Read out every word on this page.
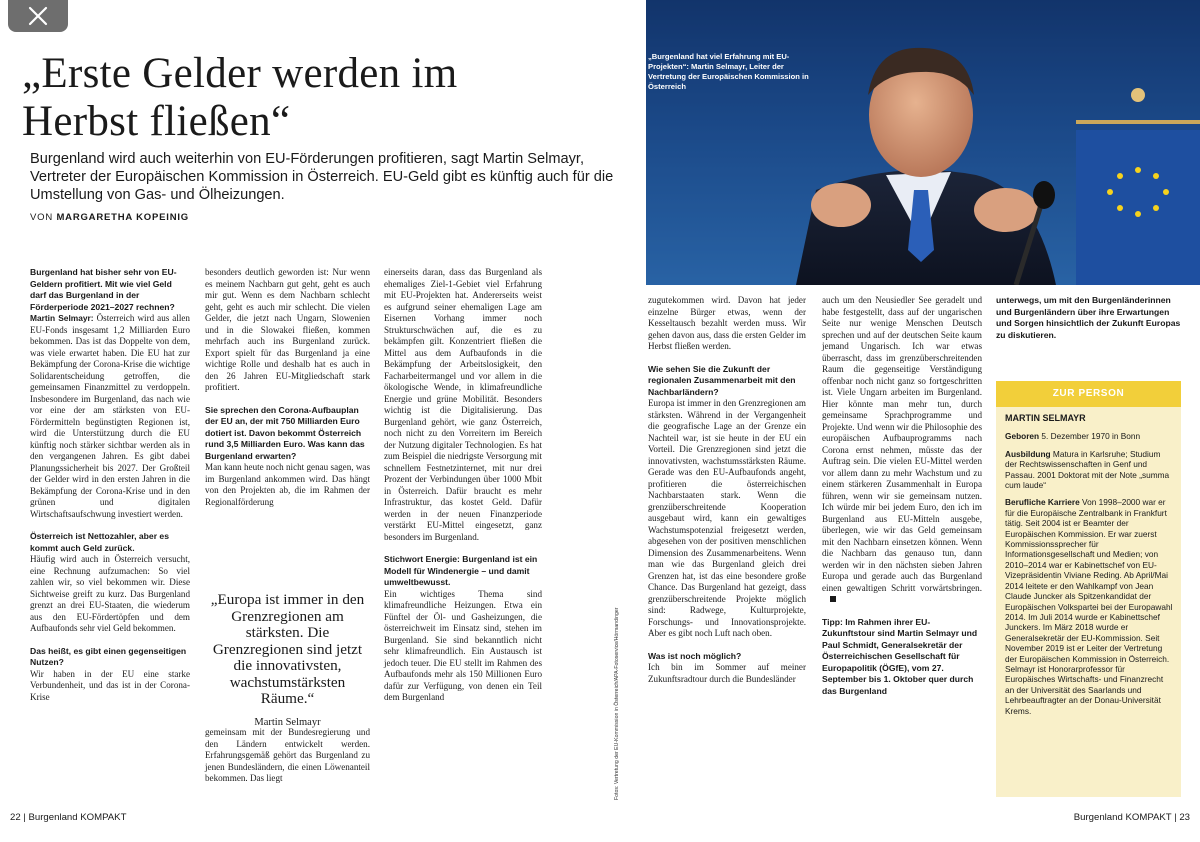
„Erste Gelder werden im Herbst fließen“

Burgenland wird auch weiterhin von EU-Förderungen profitieren, sagt Martin Selmayr, Vertreter der Europäischen Kommission in Österreich. EU-Geld gibt es künftig auch für die Umstellung von Gas- und Ölheizungen.

VON MARGARETHA KOPEINIG
„Burgenland hat viel Erfahrung mit EU-Projekten“: Martin Selmayr, Leiter der Vertretung der Europäischen Kommission in Österreich

Burgenland hat bisher sehr von EU-Geldern profitiert. Mit wie viel Geld darf das Burgenland in der Förderperiode 2021–2027 rechnen?

Martin Selmayr: Österreich wird aus allen EU-Fonds insgesamt 1,2 Milliarden Euro bekommen. Das ist das Doppelte von dem, was viele erwartet haben. Die EU hat zur Bekämpfung der Corona-Krise die wichtige Solidarentscheidung getroffen, die gemeinsamen Finanzmittel zu verdoppeln. Insbesondere im Burgenland, das nach wie vor eine der am stärksten von EU-Fördermitteln begünstigten Regionen ist, wird die Unterstützung durch die EU künftig noch stärker sichtbar werden als in den vergangenen Jahren. Es gibt dabei Planungssicherheit bis 2027. Der Großteil der Gelder wird in den ersten Jahren in die Bekämpfung der Corona-Krise und in den grünen und digitalen Wirtschaftsaufschwung investiert werden.

Österreich ist Nettozahler, aber es kommt auch Geld zurück.

Häufig wird auch in Österreich versucht, eine Rechnung aufzumachen: So viel zahlen wir, so viel bekommen wir. Diese Sichtweise greift zu kurz. Das Burgenland grenzt an drei EU-Staaten, die wiederum aus den EU-Fördertöpfen und dem Aufbaufonds sehr viel Geld bekommen.

Das heißt, es gibt einen gegenseitigen Nutzen?

Wir haben in der EU eine starke Verbundenheit, und das ist in der Corona-Krise

besonders deutlich geworden ist: Nur wenn es meinem Nachbarn gut geht, geht es auch mir gut. Wenn es dem Nachbarn schlecht geht, geht es auch mir schlecht. Die vielen Gelder, die jetzt nach Ungarn, Slowenien und in die Slowakei fließen, kommen mehrfach auch ins Burgenland zurück. Export spielt für das Burgenland ja eine wichtige Rolle und deshalb hat es auch in den 26 Jahren EU-Mitgliedschaft stark profitiert.

Sie sprechen den Corona-Aufbauplan der EU an, der mit 750 Milliarden Euro dotiert ist. Davon bekommt Österreich rund 3,5 Milliarden Euro. Was kann das Burgenland erwarten?

Man kann heute noch nicht genau sagen, was im Burgenland ankommen wird. Das hängt von den Projekten ab, die im Rahmen der Regionalförderung

„Europa ist immer in den Grenzregionen am stärksten. Die Grenzregionen sind jetzt die innovativsten, wachstumstärksten Räume.“
Martin Selmayr

gemeinsam mit der Bundesregierung und den Ländern entwickelt werden. Erfahrungsgemäß gehört das Burgenland zu jenen Bundesländern, die einen Löwenanteil bekommen. Das liegt

einerseits daran, dass das Burgenland als ehemaliges Ziel-1-Gebiet viel Erfahrung mit EU-Projekten hat. Andererseits weist es aufgrund seiner ehemaligen Lage am Eisernen Vorhang immer noch Strukturschwächen auf, die es zu bekämpfen gilt. Konzentriert fließen die Mittel aus dem Aufbaufonds in die Bekämpfung der Arbeitslosigkeit, den Facharbeitermangel und vor allem in die ökologische Wende, in klimafreundliche Energie und grüne Mobilität. Besonders wichtig ist die Digitalisierung. Das Burgenland gehört, wie ganz Österreich, noch nicht zu den Vorreitern im Bereich der Nutzung digitaler Technologien. Es hat zum Beispiel die niedrigste Versorgung mit schnellem Festnetzinternet, mit nur drei Prozent der Verbindungen über 1000 Mbit in Österreich. Dafür braucht es mehr Infrastruktur, das kostet Geld. Dafür werden in der neuen Finanzperiode verstärkt EU-Mittel eingesetzt, ganz besonders im Burgenland.

Stichwort Energie: Burgenland ist ein Modell für Windenergie – und damit umweltbewusst.

Ein wichtiges Thema sind klimafreundliche Heizungen. Etwa ein Fünftel der Öl- und Gasheizungen, die österreichweit im Einsatz sind, stehen im Burgenland. Sie sind bekanntlich nicht sehr klimafreundlich. Ein Austausch ist jedoch teuer. Die EU stellt im Rahmen des Aufbaufonds mehr als 150 Millionen Euro dafür zur Verfügung, von denen ein Teil dem Burgenland	Fotos: Vertretung der EU-Kommission in Österreich/APA-Fotoservice/Hörmandinger

zugutekommen wird. Davon hat jeder einzelne Bürger etwas, wenn der Kesseltausch bezahlt werden muss. Wir gehen davon aus, dass die ersten Gelder im Herbst fließen werden.

Wie sehen Sie die Zukunft der regionalen Zusammenarbeit mit den Nachbarländern?

Europa ist immer in den Grenzregionen am stärksten. Während in der Vergangenheit die geografische Lage an der Grenze ein Nachteil war, ist sie heute in der EU ein Vorteil. Die Grenzregionen sind jetzt die innovativsten, wachstumsstärksten Räume. Gerade was den EU-Aufbaufonds angeht, profitieren die österreichischen Nachbarstaaten stark. Wenn die grenzüberschreitende Kooperation ausgebaut wird, kann ein gewaltiges Wachstumspotenzial freigesetzt werden, abgesehen von der positiven menschlichen Dimension des Zusammenarbeitens. Wenn man wie das Burgenland gleich drei Grenzen hat, ist das eine besondere große Chance. Das Burgenland hat gezeigt, dass grenzüberschreitende Projekte möglich sind: Radwege, Kulturprojekte, Forschungs- und Innovationsprojekte. Aber es gibt noch Luft nach oben.

Was ist noch möglich?

Ich bin im Sommer auf meiner Zukunftsradtour durch die Bundesländer

auch um den Neusiedler See geradelt und habe festgestellt, dass auf der ungarischen Seite nur wenige Menschen Deutsch sprechen und auf der deutschen Seite kaum jemand Ungarisch. Ich war etwas überrascht, dass im grenzüberschreitenden Raum die gegenseitige Verständigung offenbar noch nicht ganz so fortgeschritten ist. Viele Ungarn arbeiten im Burgenland. Hier könnte man mehr tun, durch gemeinsame Sprachprogramme und Projekte. Und wenn wir die Philosophie des europäischen Aufbauprogramms nach Corona ernst nehmen, müsste das der Auftrag sein. Die vielen EU-Mittel werden vor allem dann zu mehr Wachstum und zu einem stärkeren Zusammenhalt in Europa führen, wenn wir sie gemeinsam nutzen. Ich würde mir bei jedem Euro, den ich im Burgenland aus EU-Mitteln ausgebe, überlegen, wie wir das Geld gemeinsam mit den Nachbarn einsetzen können. Wenn die Nachbarn das genauso tun, dann werden wir in den nächsten sieben Jahren Europa und gerade auch das Burgenland einen gewaltigen Schritt vorwärtsbringen.

Tipp: Im Rahmen ihrer EU-Zukunftstour sind Martin Selmayr und Paul Schmidt, Generalsekretär der Österreichischen Gesellschaft für Europapolitik (ÖGfE), vom 27. September bis 1. Oktober quer durch das Burgenland

unterwegs, um mit den Burgenländerinnen und Burgenländern über ihre Erwartungen und Sorgen hinsichtlich der Zukunft Europas zu diskutieren.

ZUR PERSON

MARTIN SELMAYR

Geboren 5. Dezember 1970 in Bonn

Ausbildung Matura in Karlsruhe; Studium der Rechtswissenschaften in Genf und Passau. 2001 Doktorat mit der Note „summa cum laude“

Berufliche Karriere Von 1998–2000 war er für die Europäische Zentralbank in Frankfurt tätig. Seit 2004 ist er Beamter der Europäischen Kommission. Er war zuerst Kommissionssprecher für Informationsgesellschaft und Medien; von 2010–2014 war er Kabinettschef von EU-Vizepräsidentin Viviane Reding. Ab April/Mai 2014 leitete er den Wahlkampf von Jean Claude Juncker als Spitzenkandidat der Europäischen Volkspartei bei der Europawahl 2014. Im Juli 2014 wurde er Kabinettschef Junckers. Im März 2018 wurde er Generalsekretär der EU-Kommission. Seit November 2019 ist er Leiter der Vertretung der Europäischen Kommission in Österreich. Selmayr ist Honorarprofessor für Europäisches Wirtschafts- und Finanzrecht an der Universität des Saarlands und Lehrbeauftragter an der Donau-Universität Krems.

22 | Burgenland KOMPAKT	Burgenland KOMPAKT | 23
